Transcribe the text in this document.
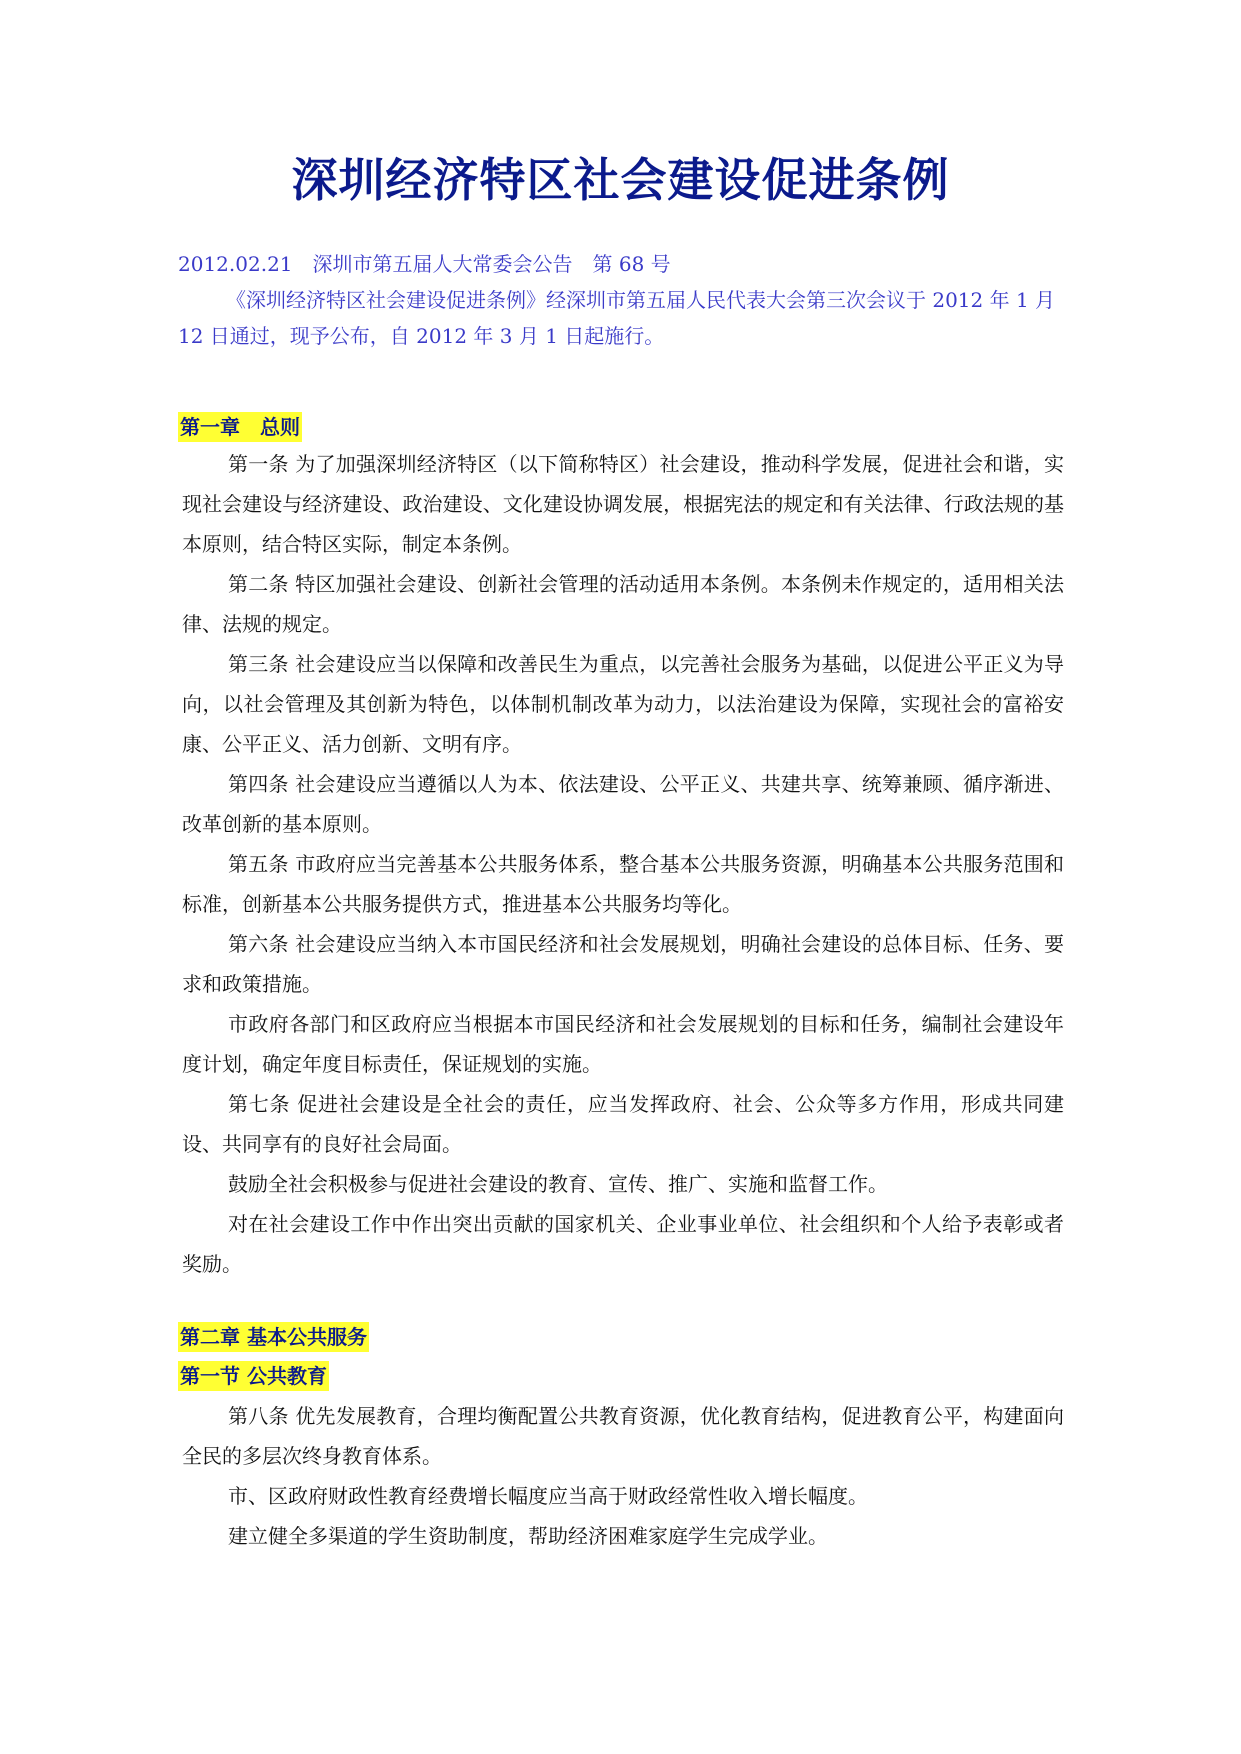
深圳经济特区社会建设促进条例
2012.02.21　深圳市第五届人大常委会公告　第 68 号
《深圳经济特区社会建设促进条例》经深圳市第五届人民代表大会第三次会议于 2012 年 1 月 12 日通过，现予公布，自 2012 年 3 月 1 日起施行。
第一章　总则

第一条 为了加强深圳经济特区（以下简称特区）社会建设，推动科学发展，促进社会和谐，实现社会建设与经济建设、政治建设、文化建设协调发展，根据宪法的规定和有关法律、行政法规的基本原则，结合特区实际，制定本条例。

第二条 特区加强社会建设、创新社会管理的活动适用本条例。本条例未作规定的，适用相关法律、法规的规定。

第三条 社会建设应当以保障和改善民生为重点，以完善社会服务为基础，以促进公平正义为导向，以社会管理及其创新为特色，以体制机制改革为动力，以法治建设为保障，实现社会的富裕安康、公平正义、活力创新、文明有序。

第四条 社会建设应当遵循以人为本、依法建设、公平正义、共建共享、统筹兼顾、循序渐进、改革创新的基本原则。

第五条 市政府应当完善基本公共服务体系，整合基本公共服务资源，明确基本公共服务范围和标准，创新基本公共服务提供方式，推进基本公共服务均等化。

第六条 社会建设应当纳入本市国民经济和社会发展规划，明确社会建设的总体目标、任务、要求和政策措施。

市政府各部门和区政府应当根据本市国民经济和社会发展规划的目标和任务，编制社会建设年度计划，确定年度目标责任，保证规划的实施。

第七条 促进社会建设是全社会的责任，应当发挥政府、社会、公众等多方作用，形成共同建设、共同享有的良好社会局面。

鼓励全社会积极参与促进社会建设的教育、宣传、推广、实施和监督工作。

对在社会建设工作中作出突出贡献的国家机关、企业事业单位、社会组织和个人给予表彰或者奖励。

第二章 基本公共服务
第一节 公共教育

第八条 优先发展教育，合理均衡配置公共教育资源，优化教育结构，促进教育公平，构建面向全民的多层次终身教育体系。

市、区政府财政性教育经费增长幅度应当高于财政经常性收入增长幅度。

建立健全多渠道的学生资助制度，帮助经济困难家庭学生完成学业。
